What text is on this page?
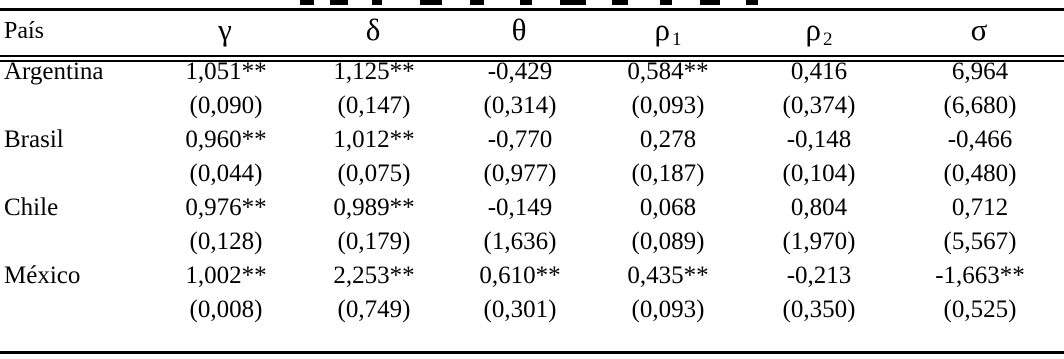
País	γ	δ	θ	ρ $_1$	ρ $_2$	σ
Argentina	1,051**	1,125**	-0,429	0,584**	0,416	6,964
	(0,090)	(0,147)	(0,314)	(0,093)	(0,374)	(6,680)
Brasil	0,960**	1,012**	-0,770	0,278	-0,148	-0,466
	(0,044)	(0,075)	(0,977)	(0,187)	(0,104)	(0,480)
Chile	0,976**	0,989**	-0,149	0,068	0,804	0,712
	(0,128)	(0,179)	(1,636)	(0,089)	(1,970)	(5,567)
México	1,002**	2,253**	0,610**	0,435**	-0,213	-1,663**
	(0,008)	(0,749)	(0,301)	(0,093)	(0,350)	(0,525)
